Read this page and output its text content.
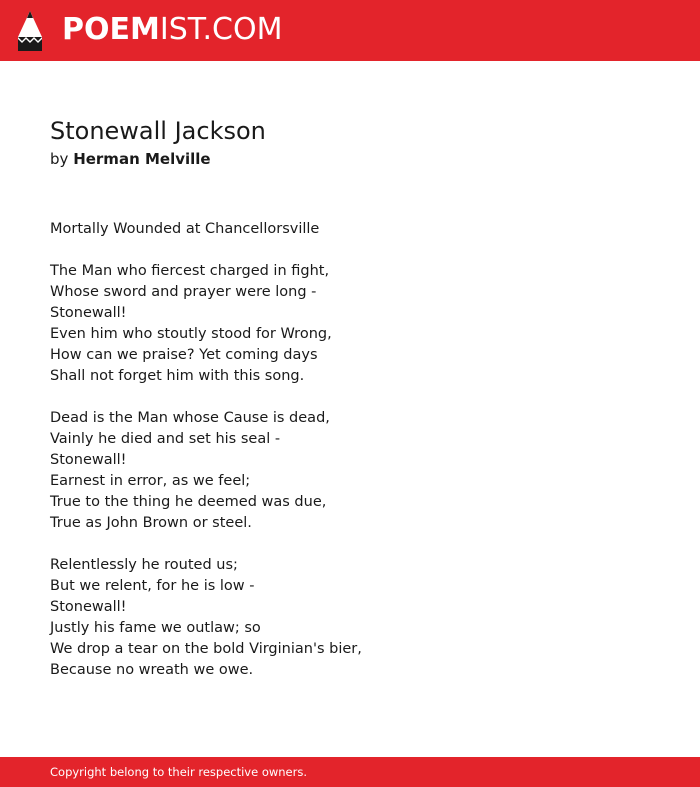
POEMIST.COM
Stonewall Jackson
by Herman Melville
Mortally Wounded at Chancellorsville
The Man who fiercest charged in fight,
Whose sword and prayer were long -
Stonewall!
Even him who stoutly stood for Wrong,
How can we praise? Yet coming days
Shall not forget him with this song.
Dead is the Man whose Cause is dead,
Vainly he died and set his seal -
Stonewall!
Earnest in error, as we feel;
True to the thing he deemed was due,
True as John Brown or steel.
Relentlessly he routed us;
But we relent, for he is low -
Stonewall!
Justly his fame we outlaw; so
We drop a tear on the bold Virginian's bier,
Because no wreath we owe.
Copyright belong to their respective owners.
